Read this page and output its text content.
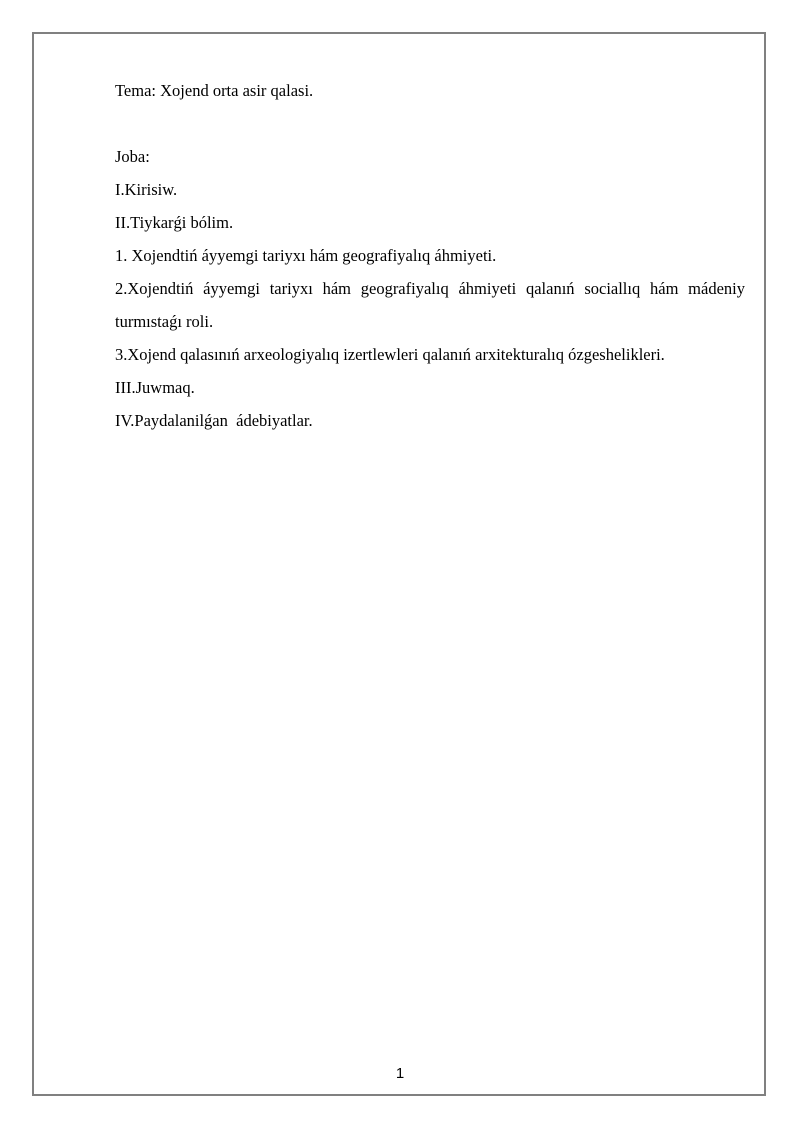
Tema: Xojend orta asir qalasi.
Joba:
I.Kirisiw.
II.Tiykarǵi bólim.
1. Xojendtiń áyyemgi tariyxı hám geografiyalıq áhmiyeti.
2.Xojendtiń áyyemgi tariyxı hám geografiyalıq áhmiyeti qalanıń sociallıq hám mádeniy turmıstaǵı roli.
3.Xojend qalasınıń arxeologiyalıq izertlewleri qalanıń arxitekturalıq ózgeshelikleri.
III.Juwmaq.
IV.Paydalanilǵan  ádebiyatlar.
1
